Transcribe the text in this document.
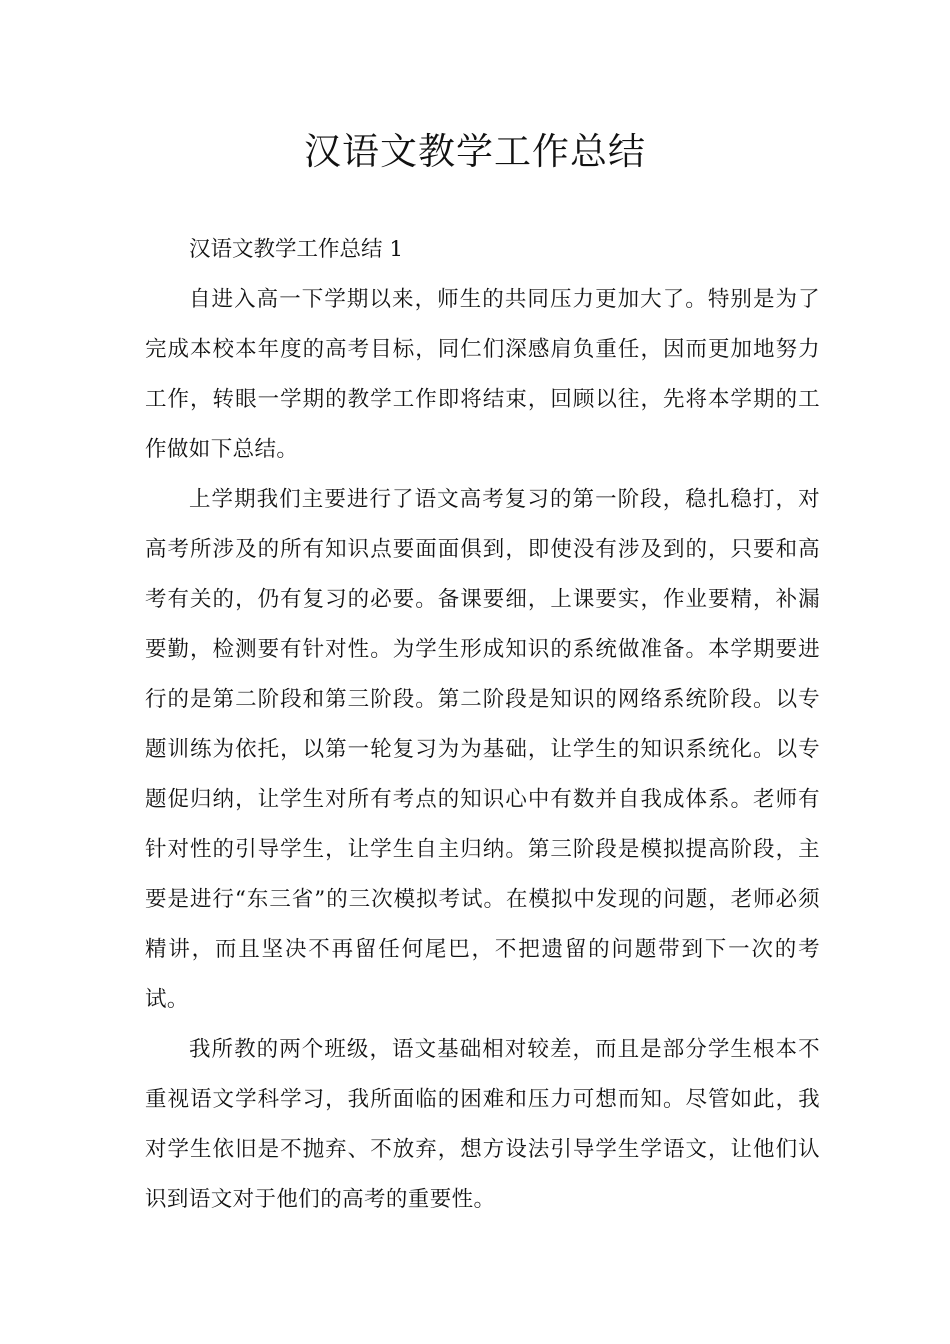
汉语文教学工作总结

汉语文教学工作总结 1

自进入高一下学期以来，师生的共同压力更加大了。特别是为了完成本校本年度的高考目标，同仁们深感肩负重任，因而更加地努力工作，转眼一学期的教学工作即将结束，回顾以往，先将本学期的工作做如下总结。

上学期我们主要进行了语文高考复习的第一阶段，稳扎稳打，对高考所涉及的所有知识点要面面俱到，即使没有涉及到的，只要和高考有关的，仍有复习的必要。备课要细，上课要实，作业要精，补漏要勤，检测要有针对性。为学生形成知识的系统做准备。本学期要进行的是第二阶段和第三阶段。第二阶段是知识的网络系统阶段。以专题训练为依托，以第一轮复习为为基础，让学生的知识系统化。以专题促归纳，让学生对所有考点的知识心中有数并自我成体系。老师有针对性的引导学生，让学生自主归纳。第三阶段是模拟提高阶段，主要是进行“东三省”的三次模拟考试。在模拟中发现的问题，老师必须精讲，而且坚决不再留任何尾巴，不把遗留的问题带到下一次的考试。

我所教的两个班级，语文基础相对较差，而且是部分学生根本不重视语文学科学习，我所面临的困难和压力可想而知。尽管如此，我对学生依旧是不抛弃、不放弃，想方设法引导学生学语文，让他们认识到语文对于他们的高考的重要性。
